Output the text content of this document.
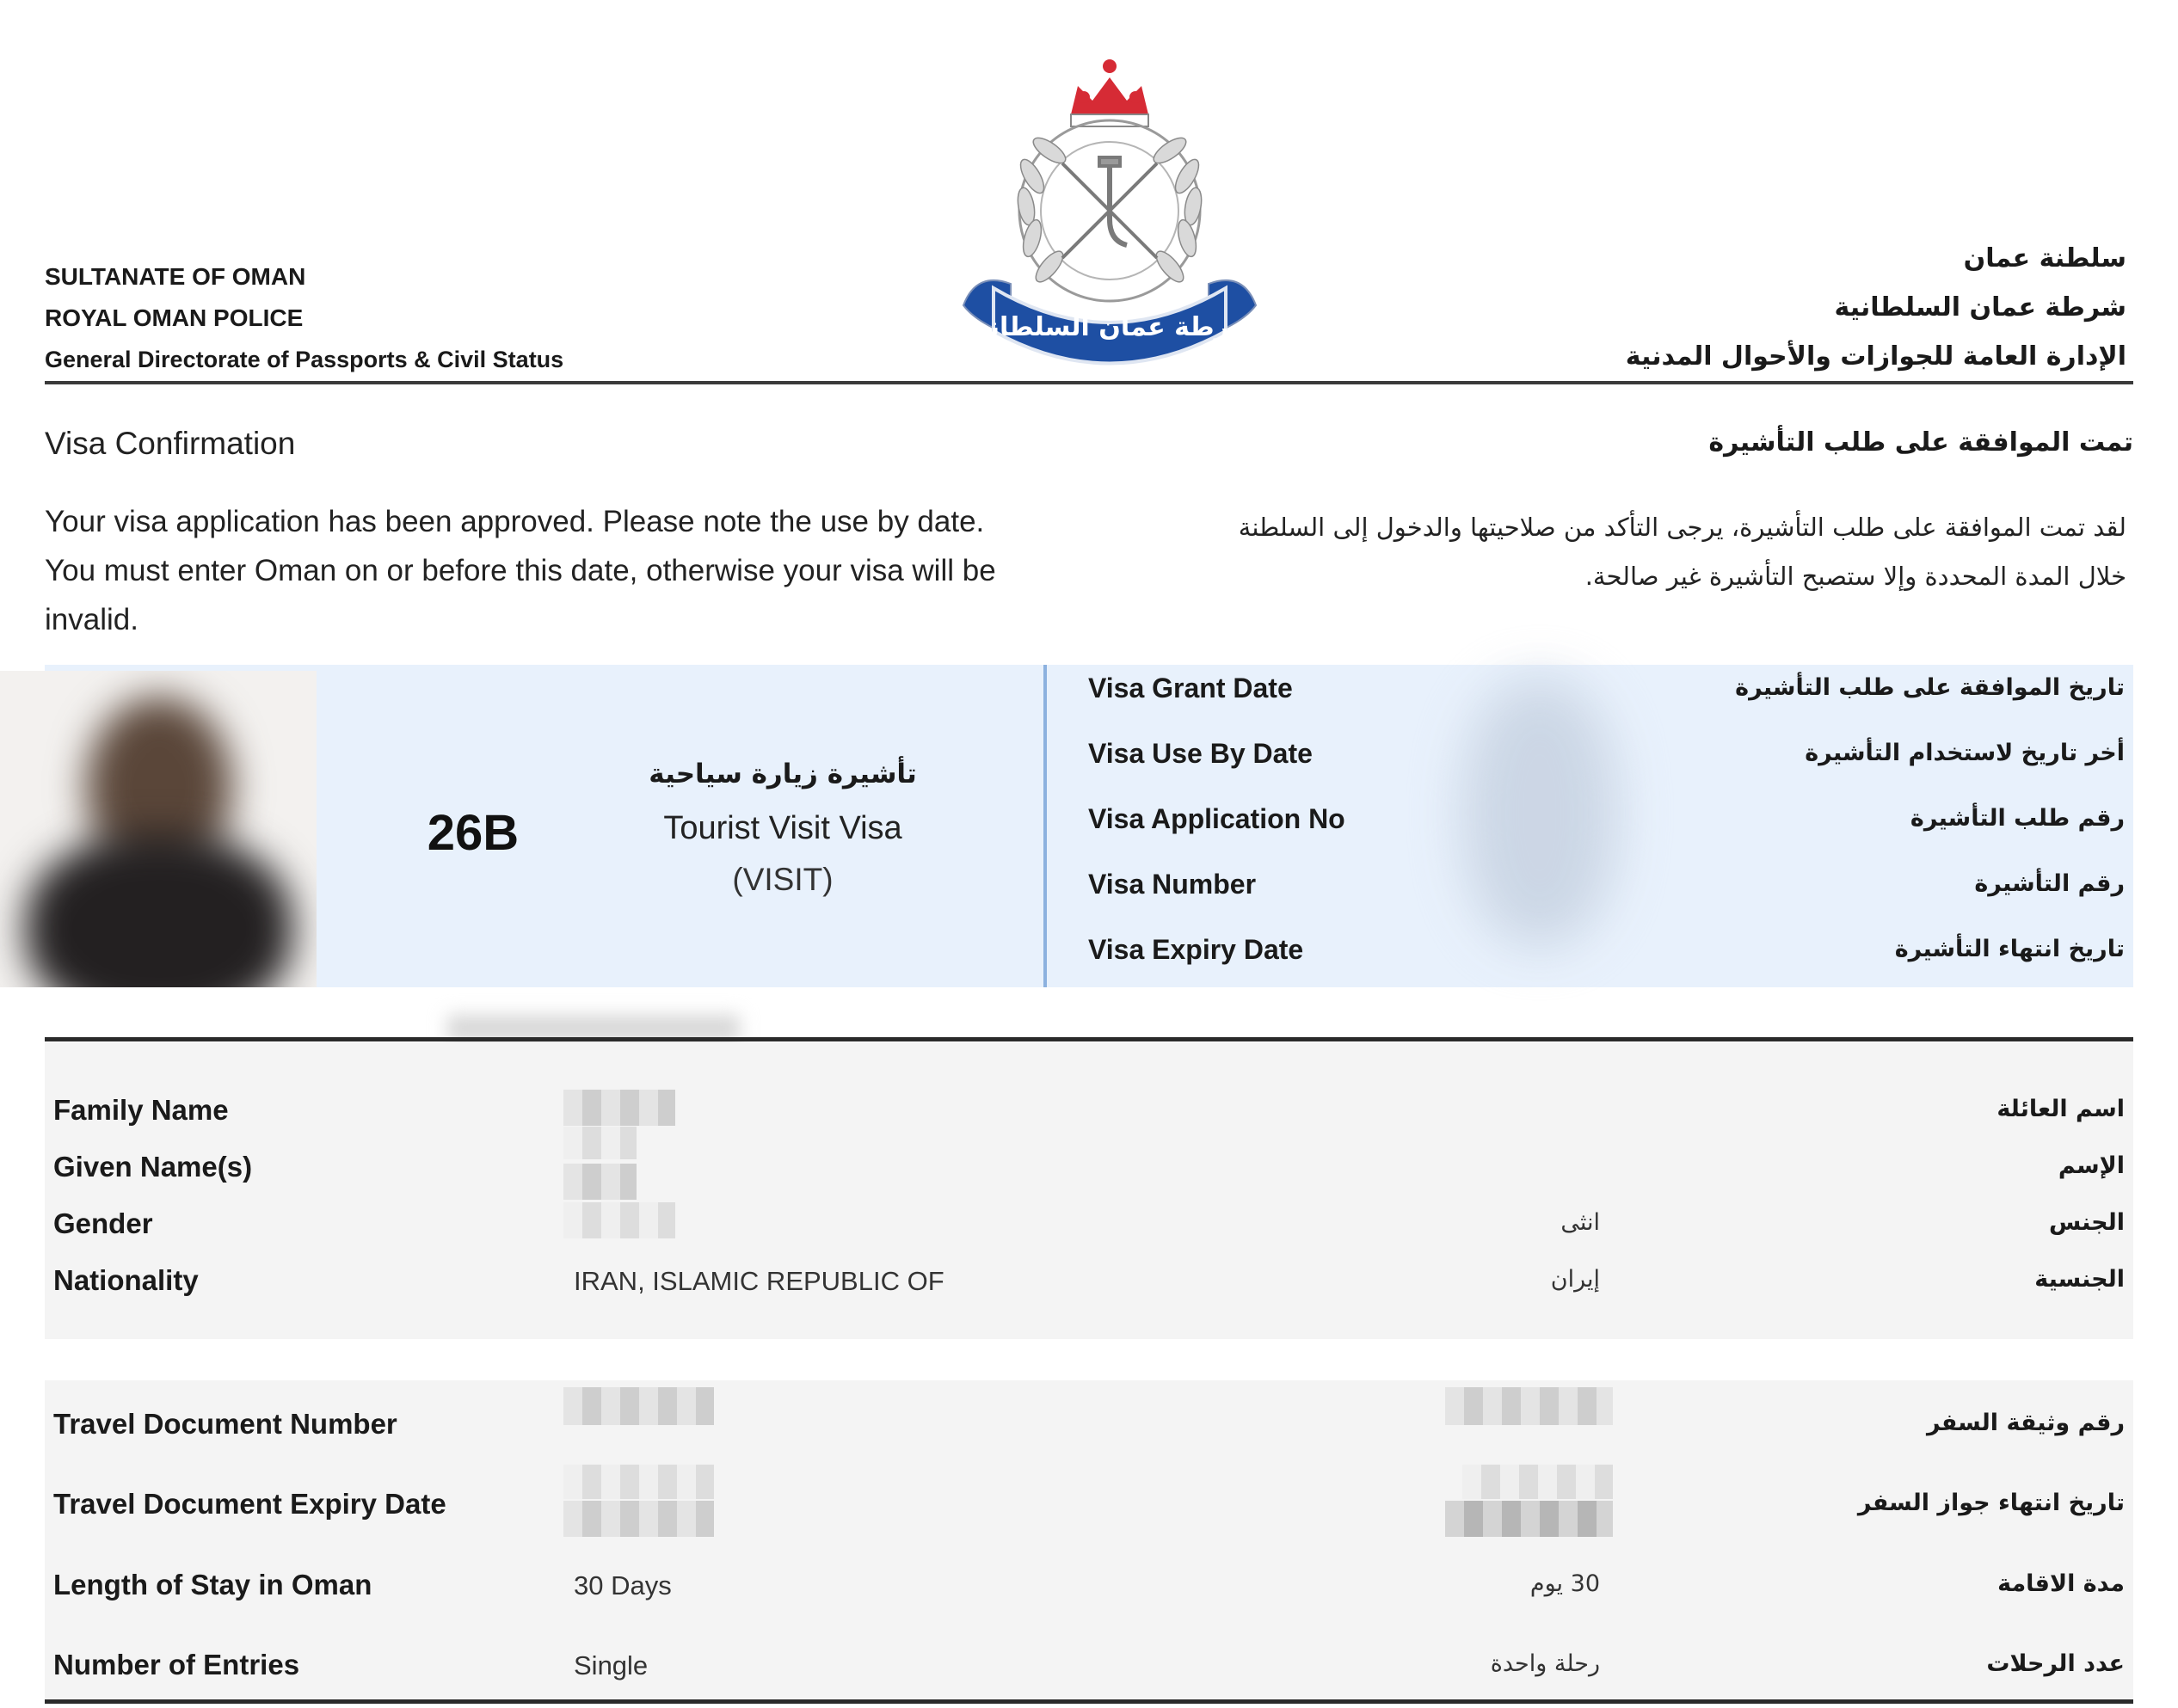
SULTANATE OF OMAN
ROYAL OMAN POLICE
General Directorate of Passports & Civil Status
شرطة عمان السلطانية
سلطنة عمان
شرطة عمان السلطانية
الإدارة العامة للجوازات والأحوال المدنية
Visa Confirmation	تمت الموافقة على طلب التأشيرة
Your visa application has been approved. Please note the use by date. You must enter Oman on or before this date, otherwise your visa will be invalid.
لقد تمت الموافقة على طلب التأشيرة، يرجى التأكد من صلاحيتها والدخول إلى السلطنة
خلال المدة المحددة وإلا ستصبح التأشيرة غير صالحة.
26B
تأشيرة زيارة سياحية
Tourist Visit Visa
(VISIT)
Visa Grant Date	تاريخ الموافقة على طلب التأشيرة
Visa Use By Date	أخر تاريخ لاستخدام التأشيرة
Visa Application No	رقم طلب التأشيرة
Visa Number	رقم التأشيرة
Visa Expiry Date	تاريخ انتهاء التأشيرة
Family Name	اسم العائلة
Given Name(s)	الإسم
Gender	انثى	الجنس
Nationality	IRAN, ISLAMIC REPUBLIC OF	إيران	الجنسية
Travel Document Number	رقم وثيقة السفر
Travel Document Expiry Date	تاريخ انتهاء جواز السفر
Length of Stay in Oman	30 Days	30 يوم	مدة الاقامة
Number of Entries	Single	رحلة واحدة	عدد الرحلات
